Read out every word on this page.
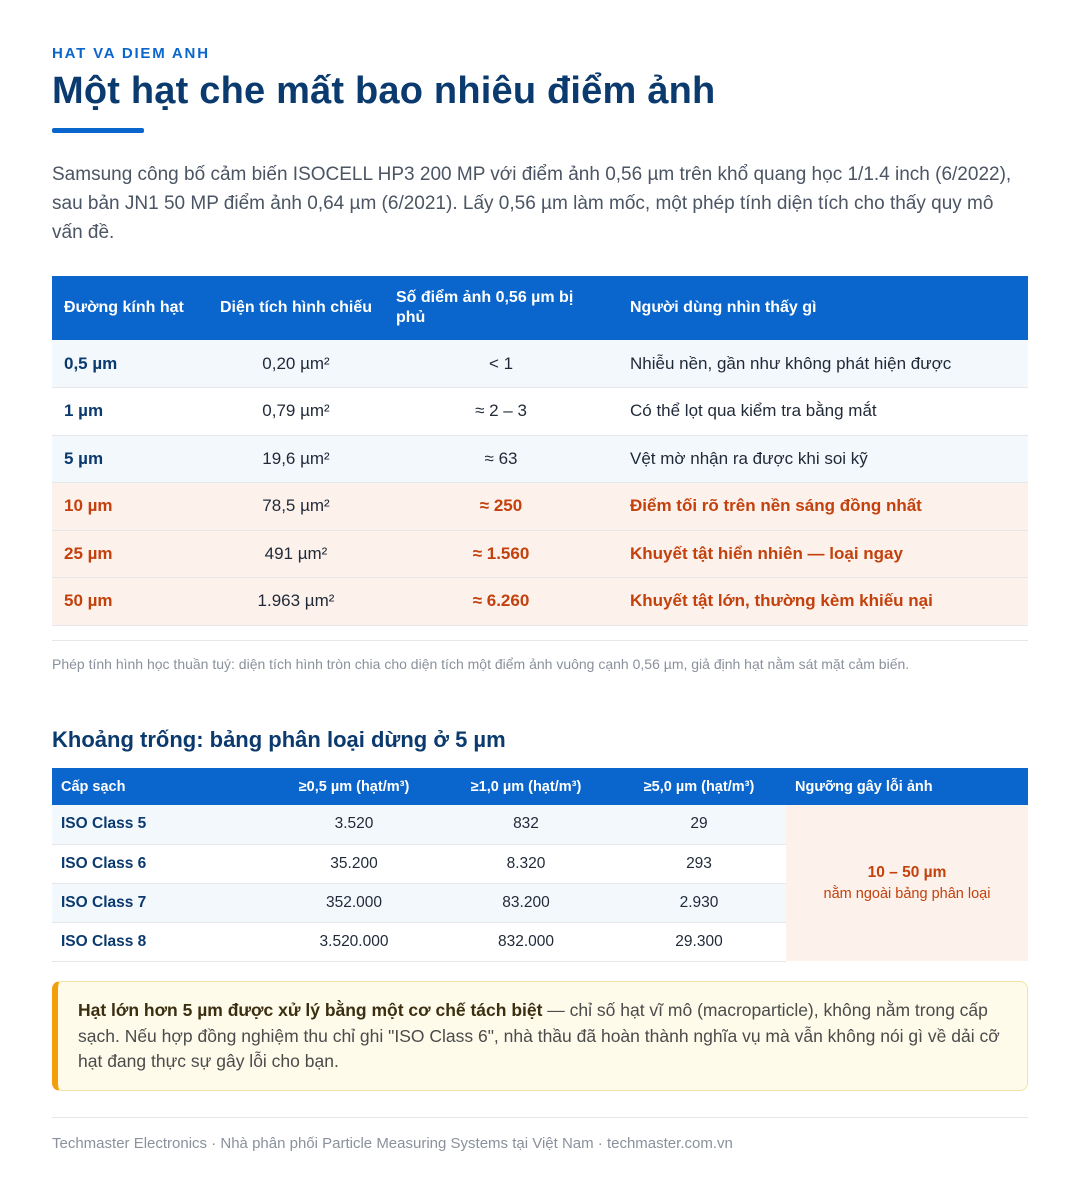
HAT VA DIEM ANH
Một hạt che mất bao nhiêu điểm ảnh

Samsung công bố cảm biến ISOCELL HP3 200 MP với điểm ảnh 0,56 µm trên khổ quang học 1/1.4 inch (6/2022), sau bản JN1 50 MP điểm ảnh 0,64 µm (6/2021). Lấy 0,56 µm làm mốc, một phép tính diện tích cho thấy quy mô vấn đề.

Đường kính hạt	Diện tích hình chiếu	Số điểm ảnh 0,56 µm bị phủ	Người dùng nhìn thấy gì
0,5 µm	0,20 µm²	< 1	Nhiễu nền, gần như không phát hiện được
1 µm	0,79 µm²	≈ 2 – 3	Có thể lọt qua kiểm tra bằng mắt
5 µm	19,6 µm²	≈ 63	Vệt mờ nhận ra được khi soi kỹ
10 µm	78,5 µm²	≈ 250	Điểm tối rõ trên nền sáng đồng nhất
25 µm	491 µm²	≈ 1.560	Khuyết tật hiển nhiên — loại ngay
50 µm	1.963 µm²	≈ 6.260	Khuyết tật lớn, thường kèm khiếu nại

Phép tính hình học thuần tuý: diện tích hình tròn chia cho diện tích một điểm ảnh vuông cạnh 0,56 µm, giả định hạt nằm sát mặt cảm biến.

Khoảng trống: bảng phân loại dừng ở 5 µm
Cấp sạch	≥0,5 µm (hạt/m³)	≥1,0 µm (hạt/m³)	≥5,0 µm (hạt/m³)	Ngưỡng gây lỗi ảnh
ISO Class 5	3.520	832	29	10 – 50 µm
nằm ngoài bảng phân loại

ISO Class 6	35.200	8.320	293	
ISO Class 7	352.000	83.200	2.930	
ISO Class 8	3.520.000	832.000	29.300	
Hạt lớn hơn 5 µm được xử lý bằng một cơ chế tách biệt — chỉ số hạt vĩ mô (macroparticle), không nằm trong cấp sạch. Nếu hợp đồng nghiệm thu chỉ ghi "ISO Class 6", nhà thầu đã hoàn thành nghĩa vụ mà vẫn không nói gì về dải cỡ hạt đang thực sự gây lỗi cho bạn.
Techmaster Electronics · Nhà phân phối Particle Measuring Systems tại Việt Nam · techmaster.com.vn
